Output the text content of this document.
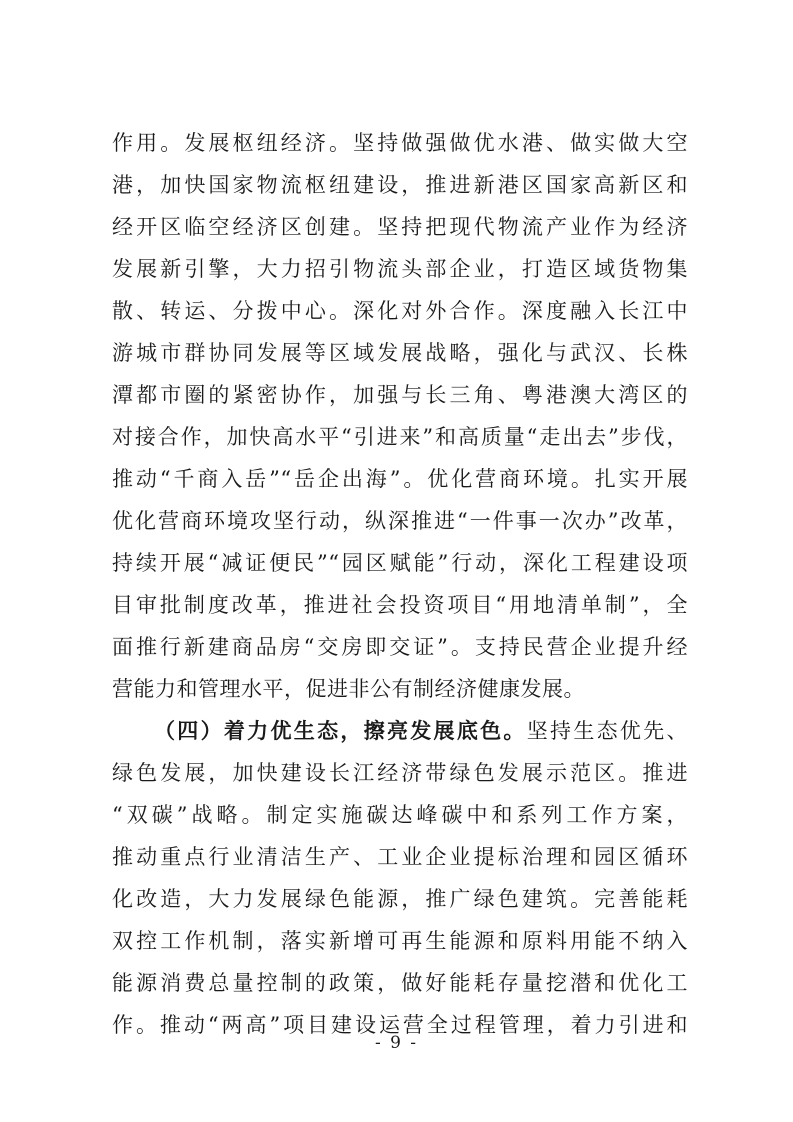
作用。发展枢纽经济。坚持做强做优水港、做实做大空
港，加快国家物流枢纽建设，推进新港区国家高新区和
经开区临空经济区创建。坚持把现代物流产业作为经济
发展新引擎，大力招引物流头部企业，打造区域货物集
散、转运、分拨中心。深化对外合作。深度融入长江中
游城市群协同发展等区域发展战略，强化与武汉、长株
潭都市圈的紧密协作，加强与长三角、粤港澳大湾区的
对接合作，加快高水平“引进来”和高质量“走出去”步伐，
推动“千商入岳”“岳企出海”。优化营商环境。扎实开展
优化营商环境攻坚行动，纵深推进“一件事一次办”改革，
持续开展“减证便民”“园区赋能”行动，深化工程建设项
目审批制度改革，推进社会投资项目“用地清单制”，全
面推行新建商品房“交房即交证”。支持民营企业提升经
营能力和管理水平，促进非公有制经济健康发展。
（四）着力优生态，擦亮发展底色。坚持生态优先、
绿色发展，加快建设长江经济带绿色发展示范区。推进
“双碳”战略。制定实施碳达峰碳中和系列工作方案，
推动重点行业清洁生产、工业企业提标治理和园区循环
化改造，大力发展绿色能源，推广绿色建筑。完善能耗
双控工作机制，落实新增可再生能源和原料用能不纳入
能源消费总量控制的政策，做好能耗存量挖潜和优化工
作。推动“两高”项目建设运营全过程管理，着力引进和
- 9 -
